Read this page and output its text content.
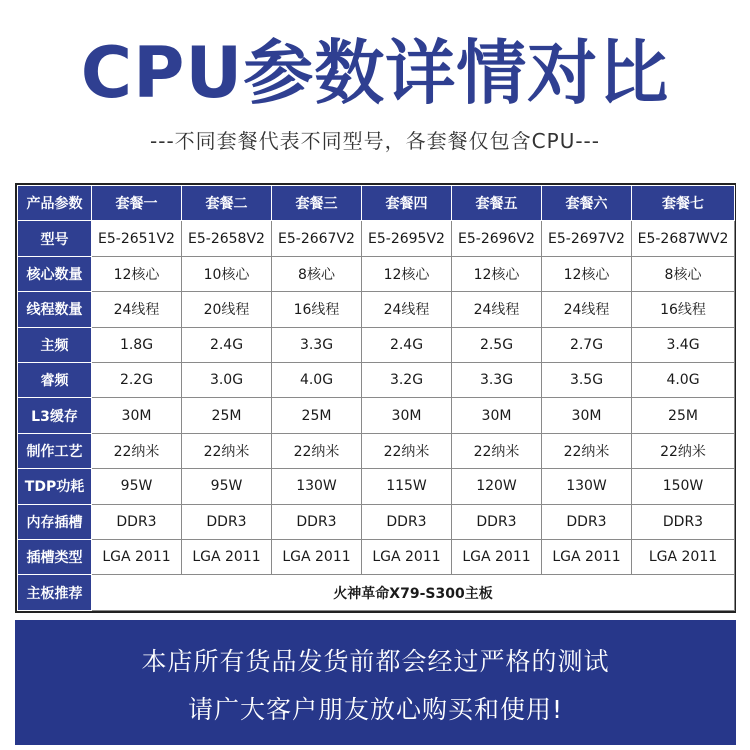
CPU参数详情对比
---不同套餐代表不同型号，各套餐仅包含CPU---
产品参数	套餐一	套餐二	套餐三	套餐四	套餐五	套餐六	套餐七
型号	E5-2651V2	E5-2658V2	E5-2667V2	E5-2695V2	E5-2696V2	E5-2697V2	E5-2687WV2
核心数量	12核心	10核心	8核心	12核心	12核心	12核心	8核心
线程数量	24线程	20线程	16线程	24线程	24线程	24线程	16线程
主频	1.8G	2.4G	3.3G	2.4G	2.5G	2.7G	3.4G
睿频	2.2G	3.0G	4.0G	3.2G	3.3G	3.5G	4.0G
L3缓存	30M	25M	25M	30M	30M	30M	25M
制作工艺	22纳米	22纳米	22纳米	22纳米	22纳米	22纳米	22纳米
TDP功耗	95W	95W	130W	115W	120W	130W	150W
内存插槽	DDR3	DDR3	DDR3	DDR3	DDR3	DDR3	DDR3
插槽类型	LGA 2011	LGA 2011	LGA 2011	LGA 2011	LGA 2011	LGA 2011	LGA 2011
主板推荐	火神革命X79-S300主板						
本店所有货品发货前都会经过严格的测试
请广大客户朋友放心购买和使用!
